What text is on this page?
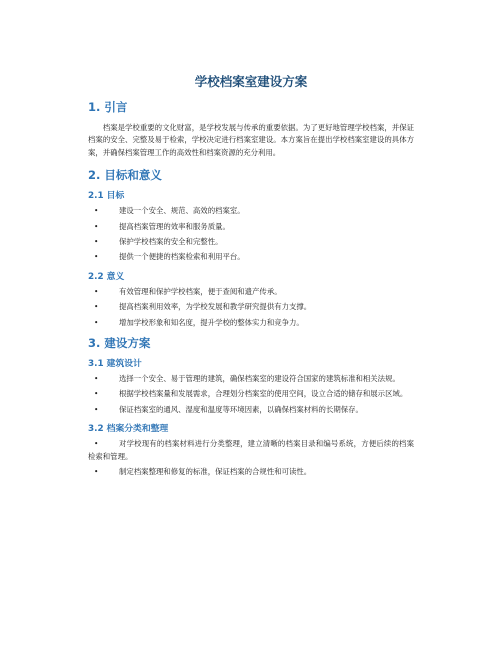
学校档案室建设方案
1. 引言

档案是学校重要的文化财富，是学校发展与传承的重要依据。为了更好地管理学校档案，并保证档案的安全、完整及易于检索，学校决定进行档案室建设。本方案旨在提出学校档案室建设的具体方案，并确保档案管理工作的高效性和档案资源的充分利用。

2. 目标和意义
2.1 目标
•	建设一个安全、规范、高效的档案室。
•	提高档案管理的效率和服务质量。
•	保护学校档案的安全和完整性。
•	提供一个便捷的档案检索和利用平台。
2.2 意义
•	有效管理和保护学校档案，便于查阅和遗产传承。
•	提高档案利用效率，为学校发展和教学研究提供有力支撑。
•	增加学校形象和知名度，提升学校的整体实力和竞争力。
3. 建设方案
3.1 建筑设计
•	选择一个安全、易于管理的建筑，确保档案室的建设符合国家的建筑标准和相关法规。
•	根据学校档案量和发展需求，合理划分档案室的使用空间，设立合适的储存和展示区域。
•	保证档案室的通风、湿度和温度等环境因素，以确保档案材料的长期保存。
3.2 档案分类和整理
•	对学校现有的档案材料进行分类整理，建立清晰的档案目录和编号系统，方便后续的档案检索和管理。
•	制定档案整理和修复的标准，保证档案的合规性和可读性。
